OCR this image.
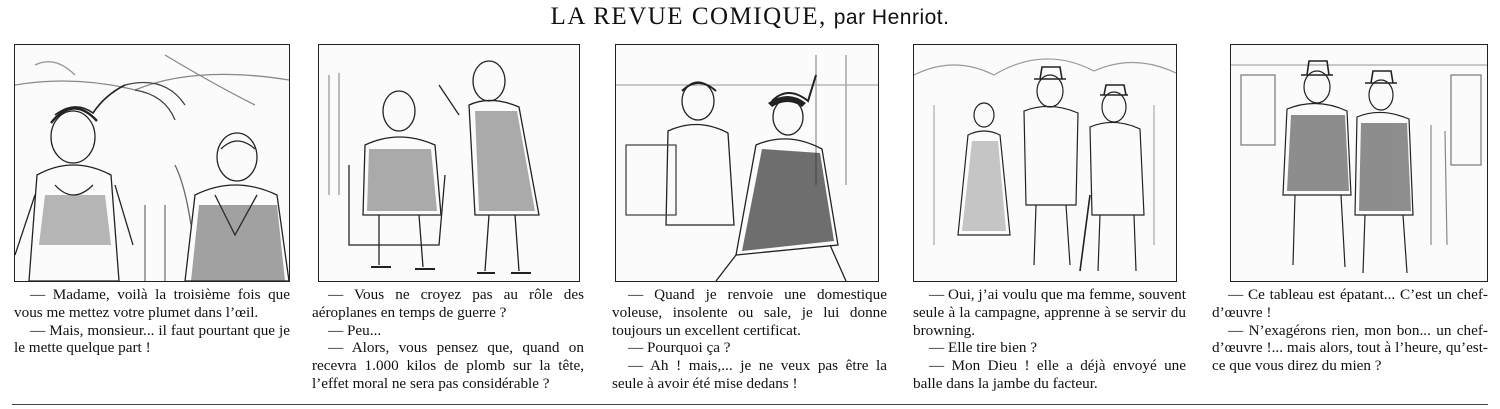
LA REVUE COMIQUE, par Henriot.

— Madame, voilà la troisième fois que vous me mettez votre plumet dans l’œil.

— Mais, monsieur... il faut pourtant que je le mette quelque part !

— Vous ne croyez pas au rôle des aéroplanes en temps de guerre ?

— Peu...

— Alors, vous pensez que, quand on recevra 1.000 kilos de plomb sur la tête, l’effet moral ne sera pas considérable ?

— Quand je renvoie une domestique voleuse, insolente ou sale, je lui donne toujours un excellent certificat.

— Pourquoi ça ?

— Ah ! mais,... je ne veux pas être la seule à avoir été mise dedans !

— Oui, j’ai voulu que ma femme, souvent seule à la campagne, apprenne à se servir du browning.

— Elle tire bien ?

— Mon Dieu ! elle a déjà envoyé une balle dans la jambe du facteur.

— Ce tableau est épatant... C’est un chef-d’œuvre !

— N’exagérons rien, mon bon... un chef-d’œuvre !... mais alors, tout à l’heure, qu’est-ce que vous direz du mien ?
